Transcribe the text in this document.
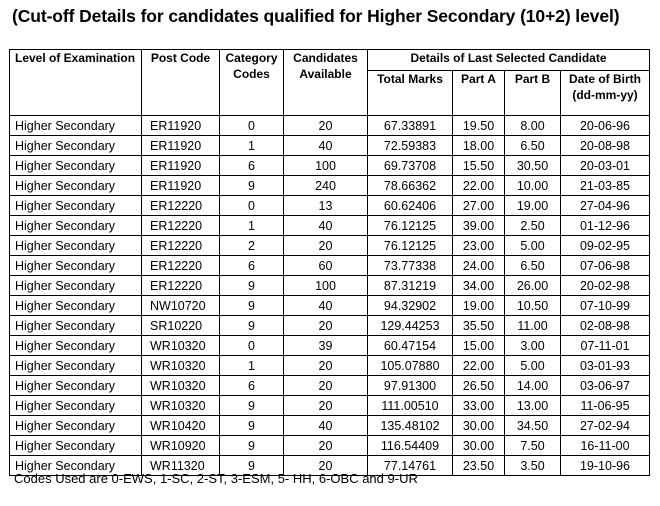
(Cut-off Details for candidates qualified for Higher Secondary (10+2) level)
Level of Examination	Post Code	Category Codes	Candidates Available	Details of Last Selected Candidate			
				Total Marks	Part A	Part B	Date of Birth (dd-mm-yy)
Higher Secondary	ER11920	0	20	67.33891	19.50	8.00	20-06-96
Higher Secondary	ER11920	1	40	72.59383	18.00	6.50	20-08-98
Higher Secondary	ER11920	6	100	69.73708	15.50	30.50	20-03-01
Higher Secondary	ER11920	9	240	78.66362	22.00	10.00	21-03-85
Higher Secondary	ER12220	0	13	60.62406	27.00	19.00	27-04-96
Higher Secondary	ER12220	1	40	76.12125	39.00	2.50	01-12-96
Higher Secondary	ER12220	2	20	76.12125	23.00	5.00	09-02-95
Higher Secondary	ER12220	6	60	73.77338	24.00	6.50	07-06-98
Higher Secondary	ER12220	9	100	87.31219	34.00	26.00	20-02-98
Higher Secondary	NW10720	9	40	94.32902	19.00	10.50	07-10-99
Higher Secondary	SR10220	9	20	129.44253	35.50	11.00	02-08-98
Higher Secondary	WR10320	0	39	60.47154	15.00	3.00	07-11-01
Higher Secondary	WR10320	1	20	105.07880	22.00	5.00	03-01-93
Higher Secondary	WR10320	6	20	97.91300	26.50	14.00	03-06-97
Higher Secondary	WR10320	9	20	111.00510	33.00	13.00	11-06-95
Higher Secondary	WR10420	9	40	135.48102	30.00	34.50	27-02-94
Higher Secondary	WR10920	9	20	116.54409	30.00	7.50	16-11-00
Higher Secondary	WR11320	9	20	77.14761	23.50	3.50	19-10-96
Codes Used are 0-EWS, 1-SC, 2-ST, 3-ESM, 5- HH, 6-OBC and 9-UR
